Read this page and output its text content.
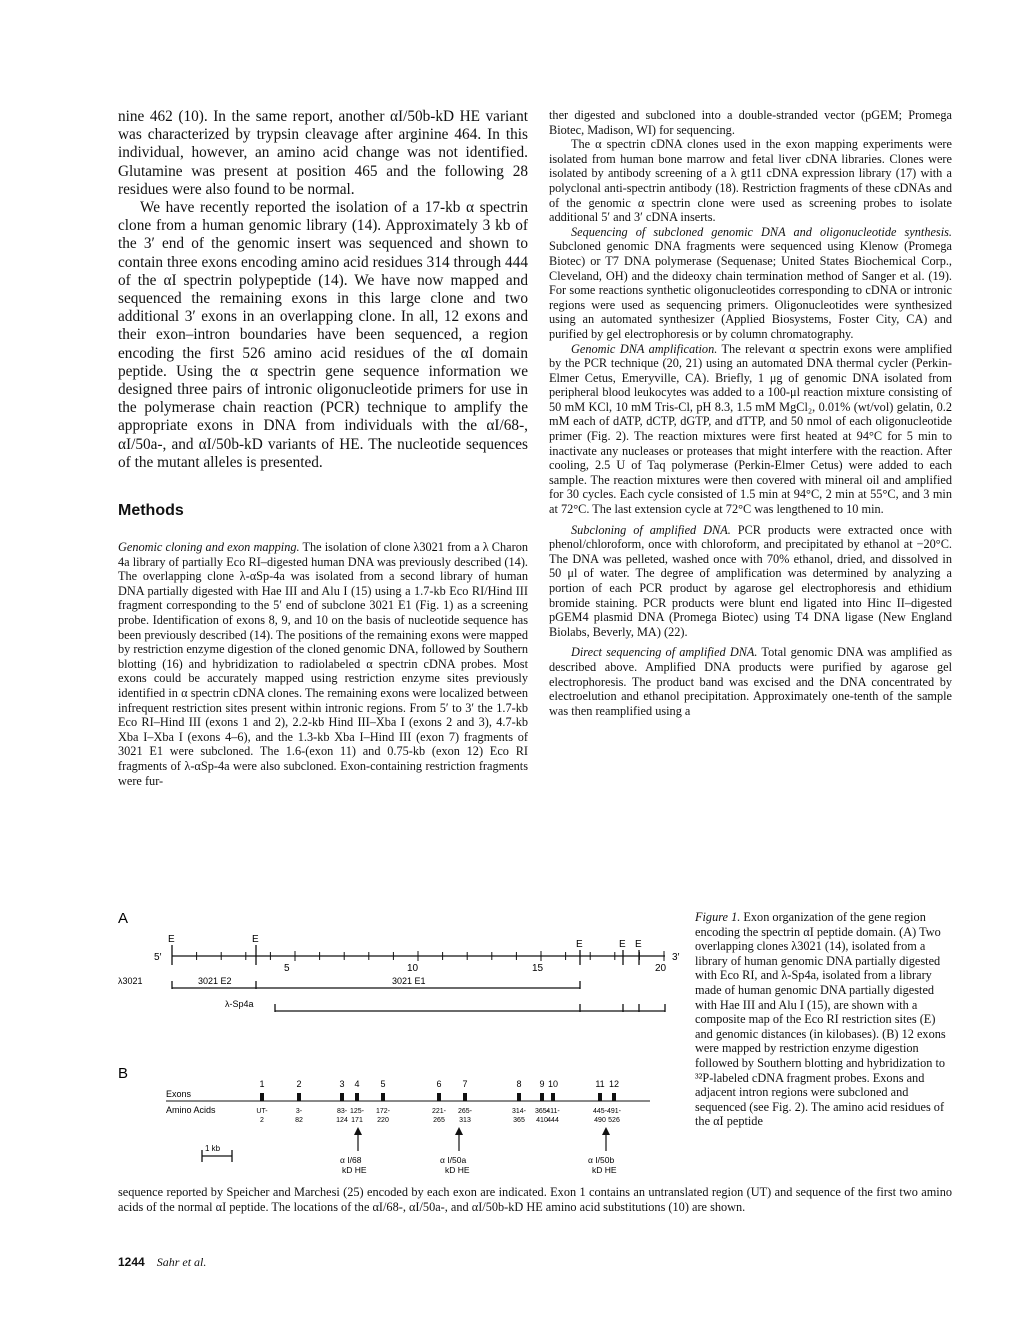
nine 462 (10). In the same report, another αI/50b-kD HE variant was characterized by trypsin cleavage after arginine 464. In this individual, however, an amino acid change was not identified. Glutamine was present at position 465 and the following 28 residues were also found to be normal.

We have recently reported the isolation of a 17-kb α spectrin clone from a human genomic library (14). Approximately 3 kb of the 3′ end of the genomic insert was sequenced and shown to contain three exons encoding amino acid residues 314 through 444 of the αI spectrin polypeptide (14). We have now mapped and sequenced the remaining exons in this large clone and two additional 3′ exons in an overlapping clone. In all, 12 exons and their exon–intron boundaries have been sequenced, a region encoding the first 526 amino acid residues of the αI domain peptide. Using the α spectrin gene sequence information we designed three pairs of intronic oligonucleotide primers for use in the polymerase chain reaction (PCR) technique to amplify the appropriate exons in DNA from individuals with the αI/68-, αI/50a-, and αI/50b-kD variants of HE. The nucleotide sequences of the mutant alleles is presented.

Methods

Genomic cloning and exon mapping. The isolation of clone λ3021 from a λ Charon 4a library of partially Eco RI–digested human DNA was previously described (14). The overlapping clone λ-αSp-4a was isolated from a second library of human DNA partially digested with Hae III and Alu I (15) using a 1.7-kb Eco RI/Hind III fragment corresponding to the 5′ end of subclone 3021 E1 (Fig. 1) as a screening probe. Identification of exons 8, 9, and 10 on the basis of nucleotide sequence has been previously described (14). The positions of the remaining exons were mapped by restriction enzyme digestion of the cloned genomic DNA, followed by Southern blotting (16) and hybridization to radiolabeled α spectrin cDNA probes. Most exons could be accurately mapped using restriction enzyme sites previously identified in α spectrin cDNA clones. The remaining exons were localized between infrequent restriction sites present within intronic regions. From 5′ to 3′ the 1.7-kb Eco RI–Hind III (exons 1 and 2), 2.2-kb Hind III–Xba I (exons 2 and 3), 4.7-kb Xba I–Xba I (exons 4–6), and the 1.3-kb Xba I–Hind III (exon 7) fragments of 3021 E1 were subcloned. The 1.6-(exon 11) and 0.75-kb (exon 12) Eco RI fragments of λ-αSp-4a were also subcloned. Exon-containing restriction fragments were fur-

ther digested and subcloned into a double-stranded vector (pGEM; Promega Biotec, Madison, WI) for sequencing.

The α spectrin cDNA clones used in the exon mapping experiments were isolated from human bone marrow and fetal liver cDNA libraries. Clones were isolated by antibody screening of a λ gt11 cDNA expression library (17) with a polyclonal anti-spectrin antibody (18). Restriction fragments of these cDNAs and of the genomic α spectrin clone were used as screening probes to isolate additional 5′ and 3′ cDNA inserts.

Sequencing of subcloned genomic DNA and oligonucleotide synthesis. Subcloned genomic DNA fragments were sequenced using Klenow (Promega Biotec) or T7 DNA polymerase (Sequenase; United States Biochemical Corp., Cleveland, OH) and the dideoxy chain termination method of Sanger et al. (19). For some reactions synthetic oligonucleotides corresponding to cDNA or intronic regions were used as sequencing primers. Oligonucleotides were synthesized using an automated synthesizer (Applied Biosystems, Foster City, CA) and purified by gel electrophoresis or by column chromatography.

Genomic DNA amplification. The relevant α spectrin exons were amplified by the PCR technique (20, 21) using an automated DNA thermal cycler (Perkin-Elmer Cetus, Emeryville, CA). Briefly, 1 μg of genomic DNA isolated from peripheral blood leukocytes was added to a 100-μl reaction mixture consisting of 50 mM KCl, 10 mM Tris-Cl, pH 8.3, 1.5 mM MgCl₂, 0.01% (wt/vol) gelatin, 0.2 mM each of dATP, dCTP, dGTP, and dTTP, and 50 nmol of each oligonucleotide primer (Fig. 2). The reaction mixtures were first heated at 94°C for 5 min to inactivate any nucleases or proteases that might interfere with the reaction. After cooling, 2.5 U of Taq polymerase (Perkin-Elmer Cetus) were added to each sample. The reaction mixtures were then covered with mineral oil and amplified for 30 cycles. Each cycle consisted of 1.5 min at 94°C, 2 min at 55°C, and 3 min at 72°C. The last extension cycle at 72°C was lengthened to 10 min.

Subcloning of amplified DNA. PCR products were extracted once with phenol/chloroform, once with chloroform, and precipitated by ethanol at −20°C. The DNA was pelleted, washed once with 70% ethanol, dried, and dissolved in 50 μl of water. The degree of amplification was determined by analyzing a portion of each PCR product by agarose gel electrophoresis and ethidium bromide staining. PCR products were blunt end ligated into Hinc II–digested pGEM4 plasmid DNA (Promega Biotec) using T4 DNA ligase (New England Biolabs, Beverly, MA) (22).

Direct sequencing of amplified DNA. Total genomic DNA was amplified as described above. Amplified DNA products were purified by agarose gel electrophoresis. The product band was excised and the DNA concentrated by electroelution and ethanol precipitation. Approximately one-tenth of the sample was then reamplified using a

A
5′
E	E	E	E E
3′
5	10	15	20
λ3021	3021 E2	3021 E1
λ-Sp4a
B
Exons
Amino Acids
1
UT-
2
2
3-
82
3
83-
124
4
125-
171
5
172-
220
6
221-
265
7
265-
313
8
314-
365
9
365-
410
10
411-
444
11
445-
490
12
491-
526
1 kb
α I/68
kD HE
α I/50a
kD HE
α I/50b
kD HE
Figure 1. Exon organization of the gene region encoding the spectrin αI peptide domain. (A) Two overlapping clones λ3021 (14), isolated from a library of human genomic DNA partially digested with Eco RI, and λ-Sp4a, isolated from a library made of human genomic DNA partially digested with Hae III and Alu I (15), are shown with a composite map of the Eco RI restriction sites (E) and genomic distances (in kilobases). (B) 12 exons were mapped by restriction enzyme digestion followed by Southern blotting and hybridization to ³²P-labeled cDNA fragment probes. Exons and adjacent intron regions were subcloned and sequenced (see Fig. 2). The amino acid residues of the αI peptide
sequence reported by Speicher and Marchesi (25) encoded by each exon are indicated. Exon 1 contains an untranslated region (UT) and sequence of the first two amino acids of the normal αI peptide. The locations of the αI/68-, αI/50a-, and αI/50b-kD HE amino acid substitutions (10) are shown.
1244 Sahr et al.
